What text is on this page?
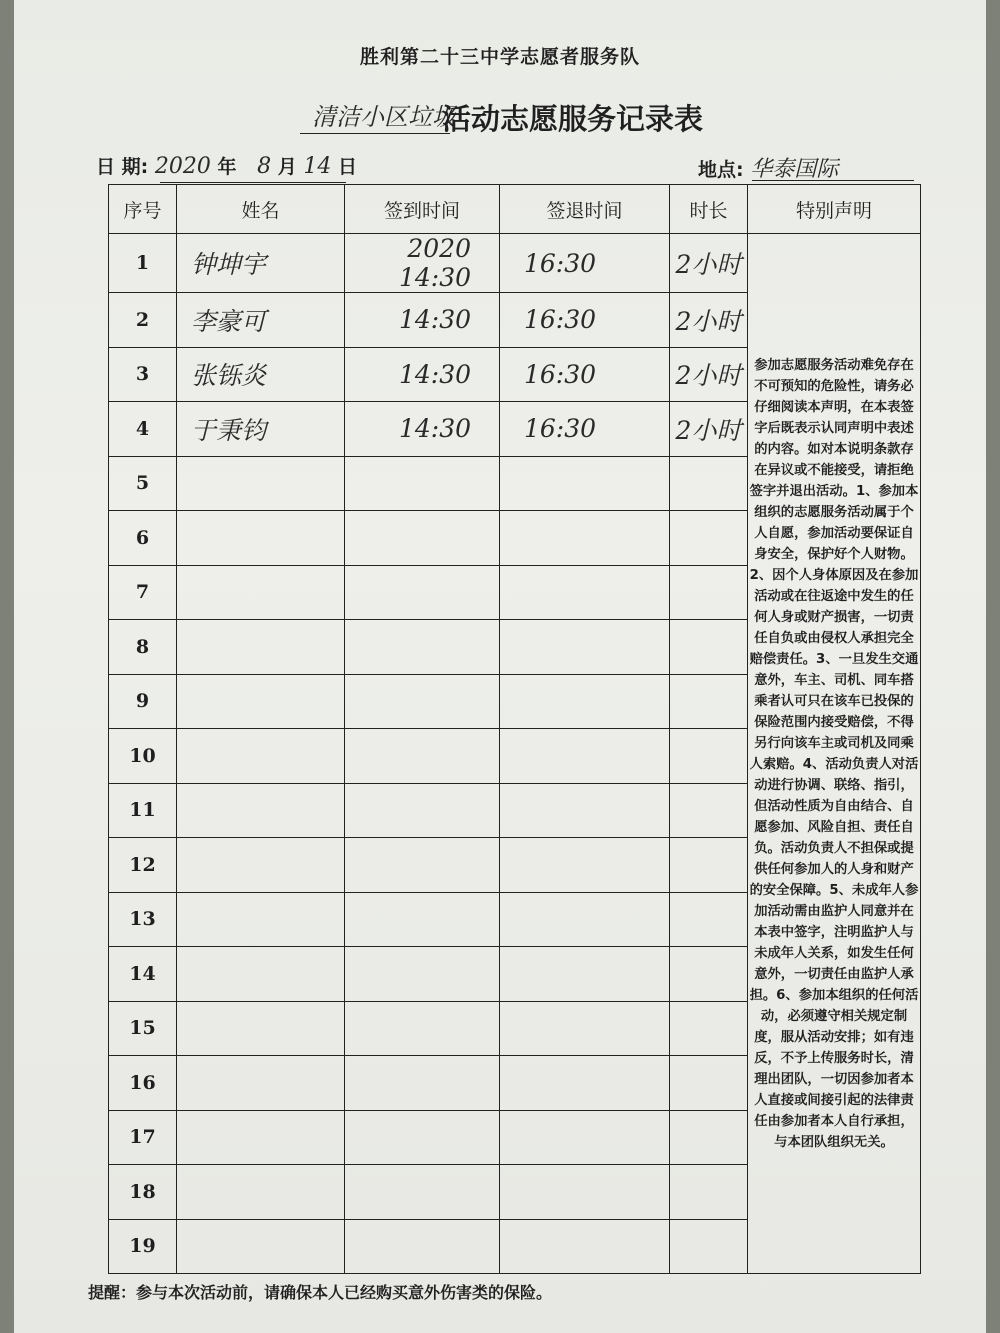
胜利第二十三中学志愿者服务队
清洁小区垃圾
活动志愿服务记录表
日 期: 2020 年 8 月 14 日	地点: 华泰国际
序号	姓名	签到时间	签退时间	时长	特别声明
1	钟坤宇	2020 14:30	16:30	2小时	参加志愿服务活动难免存在不可预知的危险性，请务必仔细阅读本声明，在本表签字后既表示认同声明中表述的内容。如对本说明条款存在异议或不能接受，请拒绝签字并退出活动。1、参加本组织的志愿服务活动属于个人自愿，参加活动要保证自身安全，保护好个人财物。2、因个人身体原因及在参加活动或在往返途中发生的任何人身或财产损害，一切责任自负或由侵权人承担完全赔偿责任。3、一旦发生交通意外，车主、司机、同车搭乘者认可只在该车已投保的保险范围内接受赔偿，不得另行向该车主或司机及同乘人索赔。4、活动负责人对活动进行协调、联络、指引，但活动性质为自由结合、自愿参加、风险自担、责任自负。活动负责人不担保或提供任何参加人的人身和财产的安全保障。5、未成年人参加活动需由监护人同意并在本表中签字，注明监护人与未成年人关系，如发生任何意外，一切责任由监护人承担。6、参加本组织的任何活动，必须遵守相关规定制度，服从活动安排；如有违反，不予上传服务时长，清理出团队，一切因参加者本人直接或间接引起的法律责任由参加者本人自行承担，与本团队组织无关。
2	李豪可	14:30	16:30	2小时	
3	张铄炎	14:30	16:30	2小时	
4	于秉钧	14:30	16:30	2小时	
5					
6					
7					
8					
9					
10					
11					
12					
13					
14					
15					
16					
17					
18					
19					
提醒：参与本次活动前，请确保本人已经购买意外伤害类的保险。
